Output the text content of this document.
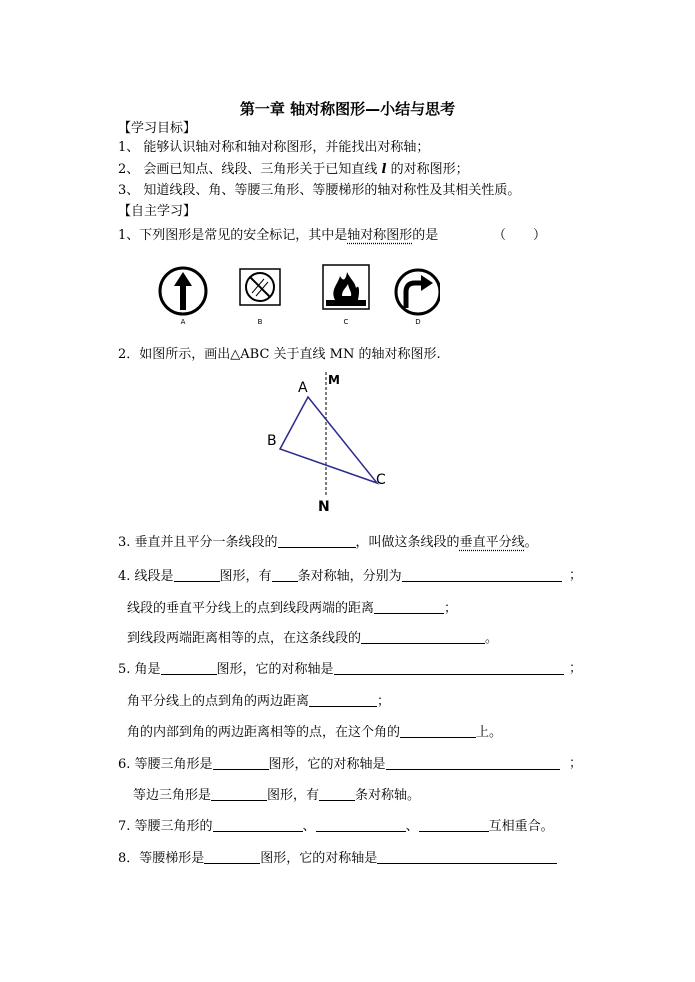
第一章 轴对称图形—小结与思考
【学习目标】
1、 能够认识轴对称和轴对称图形，并能找出对称轴；
2、 会画已知点、线段、三角形关于已知直线 l 的对称图形；
3、 知道线段、角、等腰三角形、等腰梯形的轴对称性及其相关性质。
【自主学习】
1、下列图形是常见的安全标记，其中是轴对称图形的是	（ ）
A	B	C	D
2．如图所示，画出△ABC 关于直线 MN 的轴对称图形.
A
B
C
M
N
3. 垂直并且平分一条线段的	，叫做这条线段的垂直平分线。
4. 线段是	图形，有 条对称轴，分别为	；
线段的垂直平分线上的点到线段两端的距离	；
到线段两端距离相等的点，在这条线段的	。
5. 角是	图形，它的对称轴是	；
角平分线上的点到角的两边距离	；
角的内部到角的两边距离相等的点，在这个角的	上。
6. 等腰三角形是	图形，它的对称轴是	；
等边三角形是	图形，有	条对称轴。
7. 等腰三角形的	、	、	互相重合。
8．等腰梯形是	图形，它的对称轴是
